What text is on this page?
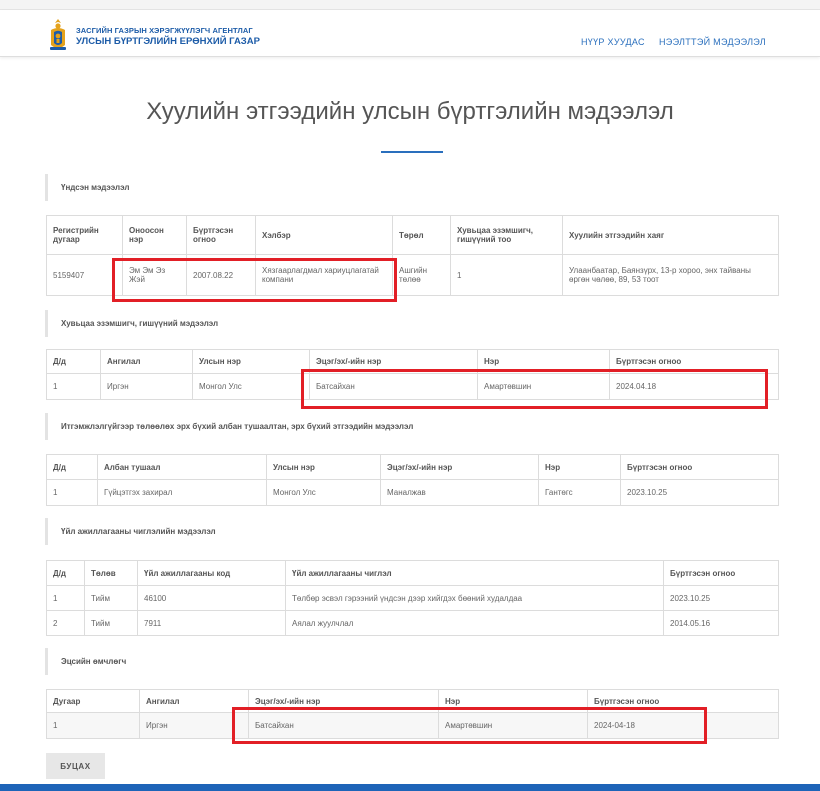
ЗАСГИЙН ГАЗРЫН ХЭРЭГЖҮҮЛЭГЧ АГЕНТЛАГ
УЛСЫН БҮРТГЭЛИЙН ЕРӨНХИЙ ГАЗАР	НҮҮР ХУУДАС НЭЭЛТТЭЙ МЭДЭЭЛЭЛ
Хуулийн этгээдийн улсын бүртгэлийн мэдээлэл
Үндсэн мэдээлэл
Регистрийн дугаар	Оноосон нэр	Бүртгэсэн огноо	Хэлбэр	Төрөл	Хувьцаа эзэмшигч, гишүүний тоо	Хуулийн этгээдийн хаяг
5159407	Эм Эм Эз Жэй	2007.08.22	Хязгаарлагдмал хариуцлагатай компани	Ашгийн төлөө	1	Улаанбаатар, Баянзүрх, 13-р хороо, энх тайваны өргөн чөлөө, 89, 53 тоот
Хувьцаа эзэмшигч, гишүүний мэдээлэл
Д/д	Ангилал	Улсын нэр	Эцэг/эх/-ийн нэр	Нэр	Бүртгэсэн огноо
1	Иргэн	Монгол Улс	Батсайхан	Амартөвшин	2024.04.18
Итгэмжлэлгүйгээр төлөөлөх эрх бүхий албан тушаалтан, эрх бүхий этгээдийн мэдээлэл
Д/д	Албан тушаал	Улсын нэр	Эцэг/эх/-ийн нэр	Нэр	Бүртгэсэн огноо
1	Гүйцэтгэх захирал	Монгол Улс	Маналжав	Гантөгс	2023.10.25
Үйл ажиллагааны чиглэлийн мэдээлэл
Д/д	Төлөв	Үйл ажиллагааны код	Үйл ажиллагааны чиглэл	Бүртгэсэн огноо
1	Тийм	46100	Төлбөр эсвэл гэрээний үндсэн дээр хийгдэх бөөний худалдаа	2023.10.25
2	Тийм	7911	Аялал жуулчлал	2014.05.16
Эцсийн өмчлөгч
Дугаар	Ангилал	Эцэг/эх/-ийн нэр	Нэр	Бүртгэсэн огноо
1	Иргэн	Батсайхан	Амартөвшин	2024-04-18
БУЦАХ
